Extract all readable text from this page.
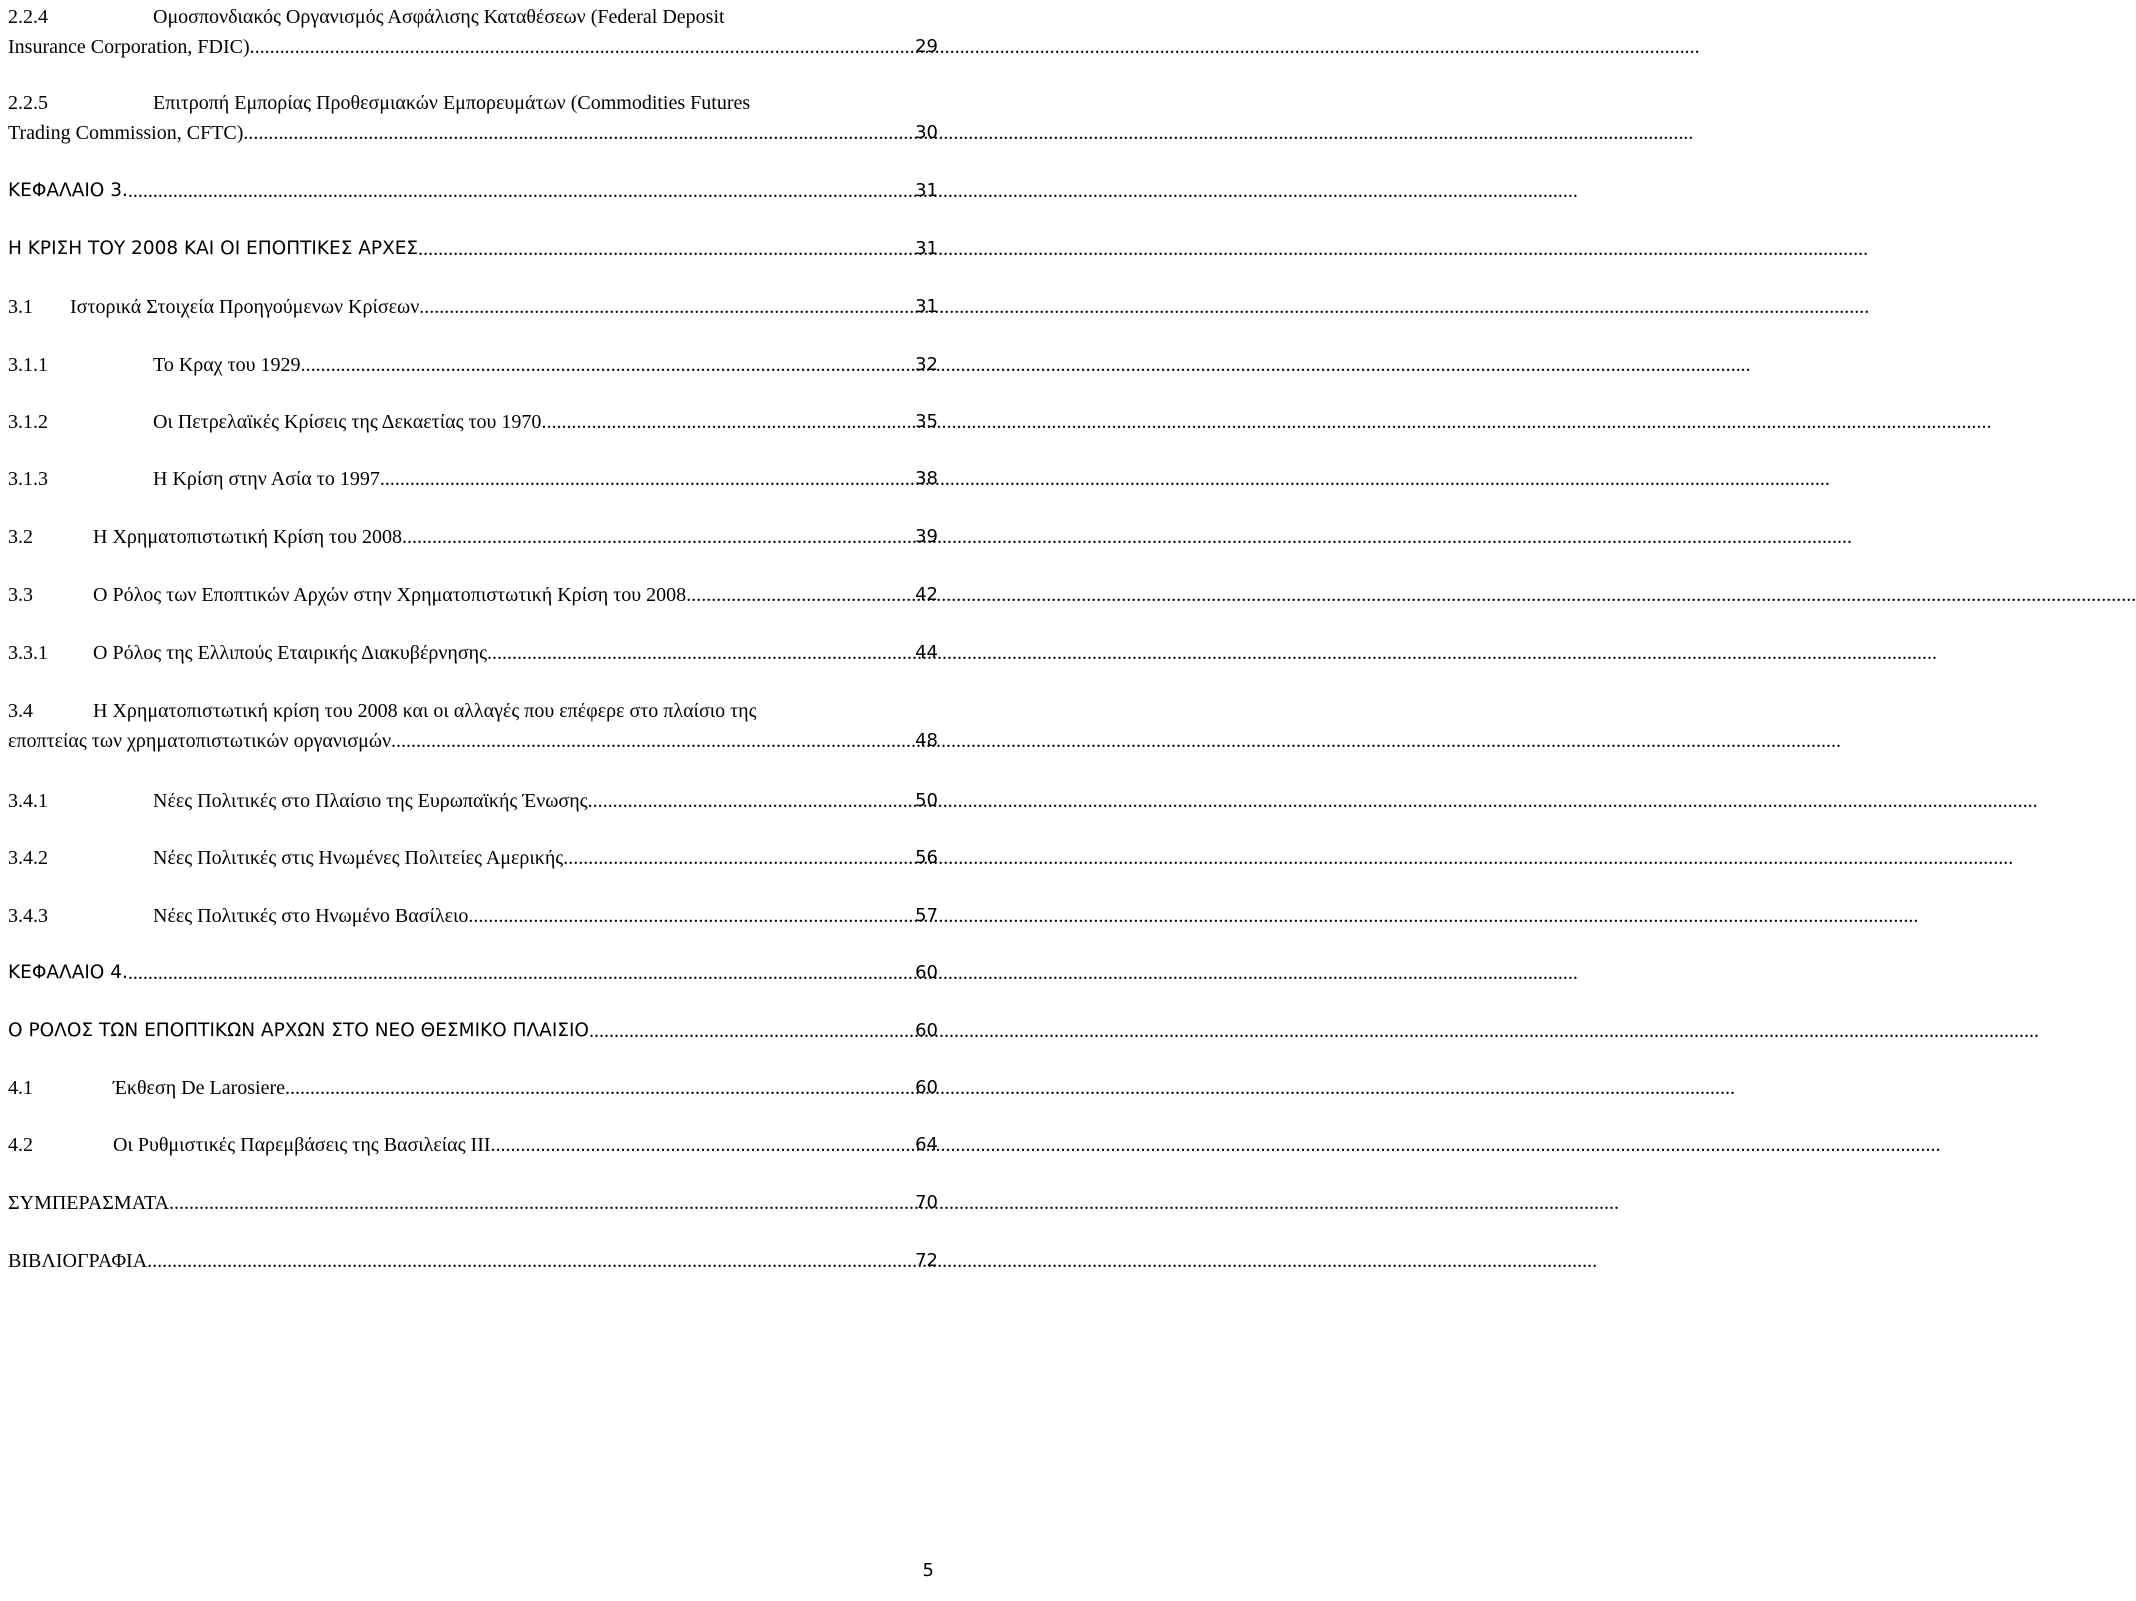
2.2.4	Ομοσπονδιακός Οργανισμός Ασφάλισης Καταθέσεων (Federal Deposit
Insurance Corporation, FDIC) .....	29
2.2.5	Επιτροπή Εμπορίας Προθεσμιακών Εμπορευμάτων (Commodities Futures
Trading Commission, CFTC) .....	30
ΚΕΦΑΛΑΙΟ 3. .....	31
Η ΚΡΙΣΗ ΤΟΥ 2008 ΚΑΙ ΟΙ ΕΠΟΠΤΙΚΕΣ ΑΡΧΕΣ .....	31
3.1	Ιστορικά Στοιχεία Προηγούμενων Κρίσεων .....	31
3.1.1	Το Κραχ του 1929 .....	32
3.1.2	Οι Πετρελαϊκές Κρίσεις της Δεκαετίας του 1970 .....	35
3.1.3	Η Κρίση στην Ασία το 1997 .....	38
3.2	Η Χρηματοπιστωτική Κρίση του 2008 .....	39
3.3	Ο Ρόλος των Εποπτικών Αρχών στην Χρηματοπιστωτική Κρίση του 2008 .....	42
3.3.1	Ο Ρόλος της Ελλιπούς Εταιρικής Διακυβέρνησης .....	44
3.4	Η Χρηματοπιστωτική κρίση του 2008 και οι αλλαγές που επέφερε στο πλαίσιο της
εποπτείας των χρηματοπιστωτικών οργανισμών .....	48
3.4.1	Νέες Πολιτικές στο Πλαίσιο της Ευρωπαϊκής Ένωσης .....	50
3.4.2	Νέες Πολιτικές στις Ηνωμένες Πολιτείες Αμερικής .....	56
3.4.3	Νέες Πολιτικές στο Ηνωμένο Βασίλειο .....	57
ΚΕΦΑΛΑΙΟ 4. .....	60
Ο ΡΟΛΟΣ ΤΩΝ ΕΠΟΠΤΙΚΩΝ ΑΡΧΩΝ ΣΤΟ ΝΕΟ ΘΕΣΜΙΚΟ ΠΛΑΙΣΙΟ .....	60
4.1	Έκθεση De Larosiere .....	60
4.2	Οι Ρυθμιστικές Παρεμβάσεις της Βασιλείας ΙΙΙ .....	64
ΣΥΜΠΕΡΑΣΜΑΤΑ .....	70
ΒΙΒΛΙΟΓΡΑΦΙΑ .....	72
5
